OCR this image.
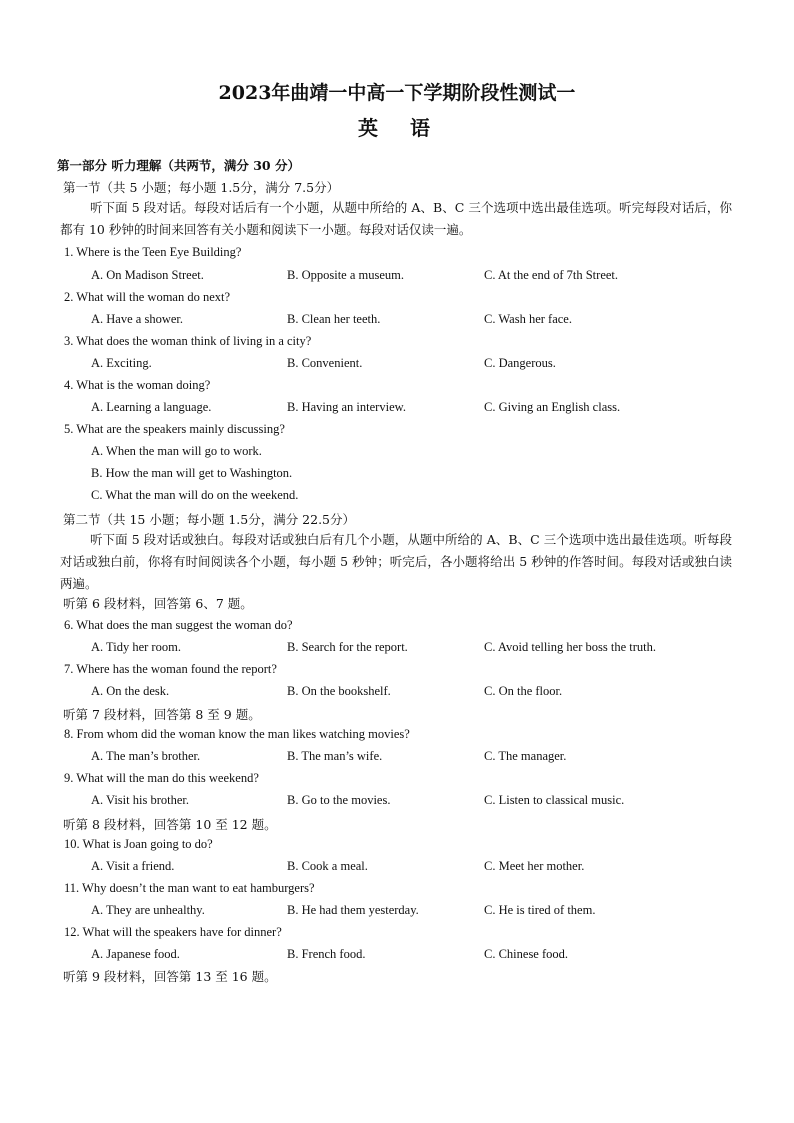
2023年曲靖一中高一下学期阶段性测试一
英　语
第一部分 听力理解（共两节，满分 30 分）
第一节（共 5 小题；每小题 1.5分，满分 7.5分）
听下面 5 段对话。每段对话后有一个小题，从题中所给的 A、B、C 三个选项中选出最佳选项。听完每段对话后，你都有 10 秒钟的时间来回答有关小题和阅读下一小题。每段对话仅读一遍。
1. Where is the Teen Eye Building?
A. On Madison Street.	B. Opposite a museum.	C. At the end of 7th Street.
2. What will the woman do next?
A. Have a shower.	B. Clean her teeth.	C. Wash her face.
3. What does the woman think of living in a city?
A. Exciting.	B. Convenient.	C. Dangerous.
4. What is the woman doing?
A. Learning a language.	B. Having an interview.	C. Giving an English class.
5. What are the speakers mainly discussing?
A. When the man will go to work.
B. How the man will get to Washington.
C. What the man will do on the weekend.
第二节（共 15 小题；每小题 1.5分，满分 22.5分）
听下面 5 段对话或独白。每段对话或独白后有几个小题，从题中所给的 A、B、C 三个选项中选出最佳选项。听每段对话或独白前，你将有时间阅读各个小题，每小题 5 秒钟；听完后，各小题将给出 5 秒钟的作答时间。每段对话或独白读两遍。
听第 6 段材料，回答第 6、7 题。
6. What does the man suggest the woman do?
A. Tidy her room.	B. Search for the report.	C. Avoid telling her boss the truth.
7. Where has the woman found the report?
A. On the desk.	B. On the bookshelf.	C. On the floor.
听第 7 段材料，回答第 8 至 9 题。
8. From whom did the woman know the man likes watching movies?
A. The man’s brother.	B. The man’s wife.	C. The manager.
9. What will the man do this weekend?
A. Visit his brother.	B. Go to the movies.	C. Listen to classical music.
听第 8 段材料，回答第 10 至 12 题。
10. What is Joan going to do?
A. Visit a friend.	B. Cook a meal.	C. Meet her mother.
11. Why doesn’t the man want to eat hamburgers?
A. They are unhealthy.	B. He had them yesterday.	C. He is tired of them.
12. What will the speakers have for dinner?
A. Japanese food.	B. French food.	C. Chinese food.
听第 9 段材料，回答第 13 至 16 题。
